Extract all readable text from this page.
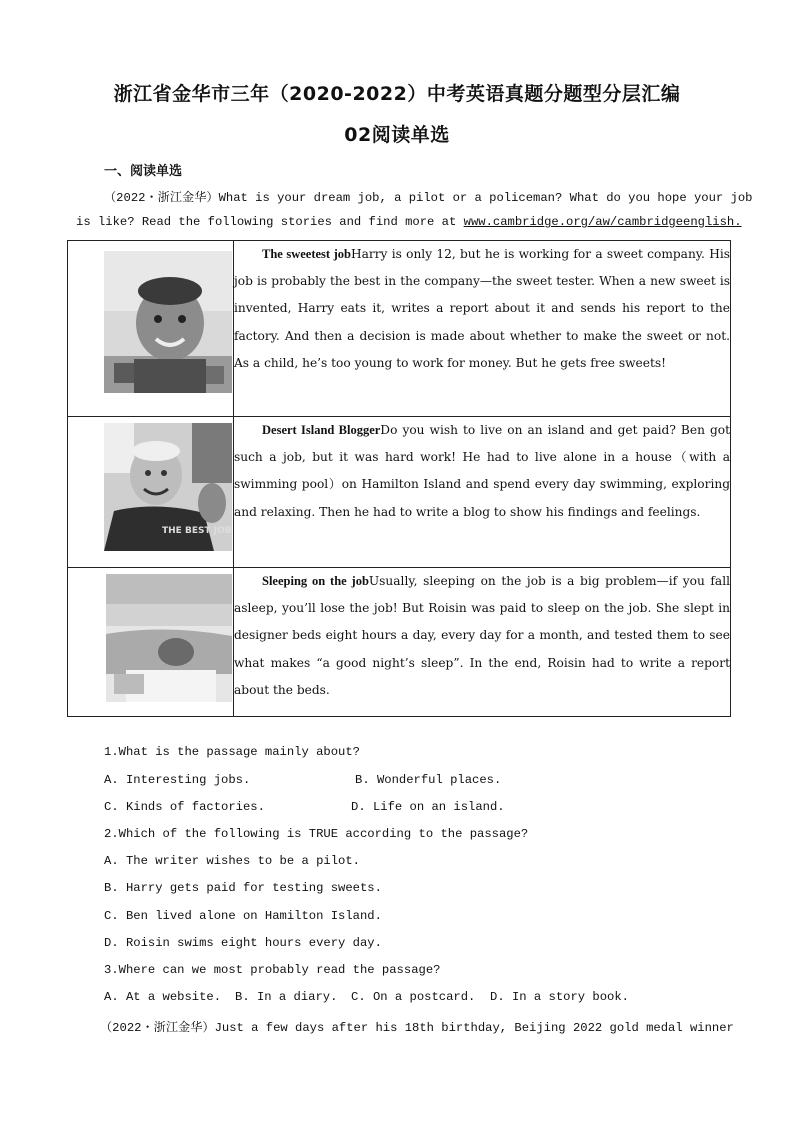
浙江省金华市三年（2020-2022）中考英语真题分题型分层汇编
02阅读单选
一、阅读单选
（2022・浙江金华）What is your dream job, a pilot or a policeman? What do you hope your job
is like? Read the following stories and find more at www.cambridge.org/aw/cambridgeenglish.

The sweetest jobHarry is only 12, but he is working for a sweet company. His job is probably the best in the company—the sweet tester. When a new sweet is invented, Harry eats it, writes a report about it and sends his report to the factory. And then a decision is made about whether to make the sweet or not. As a child, he’s too young to work for money. But he gets free sweets!

THE BEST JOB	Desert Island BloggerDo you wish to live on an island and get paid? Ben got such a job, but it was hard work! He had to live alone in a house（with a swimming pool）on Hamilton Island and spend every day swimming, exploring and relaxing. Then he had to write a blog to show his findings and feelings.

Sleeping on the jobUsually, sleeping on the job is a big problem—if you fall asleep, you’ll lose the job! But Roisin was paid to sleep on the job. She slept in designer beds eight hours a day, every day for a month, and tested them to see what makes “a good night’s sleep”. In the end, Roisin had to write a report about the beds.

1.What is the passage mainly about?
A. Interesting jobs.	B. Wonderful places.
C. Kinds of factories.	D. Life on an island.
2.Which of the following is TRUE according to the passage?
A. The writer wishes to be a pilot.
B. Harry gets paid for testing sweets.
C. Ben lived alone on Hamilton Island.
D. Roisin swims eight hours every day.
3.Where can we most probably read the passage?
A. At a website. B. In a diary. C. On a postcard. D. In a story book.
（2022・浙江金华）Just a few days after his 18th birthday, Beijing 2022 gold medal winner
